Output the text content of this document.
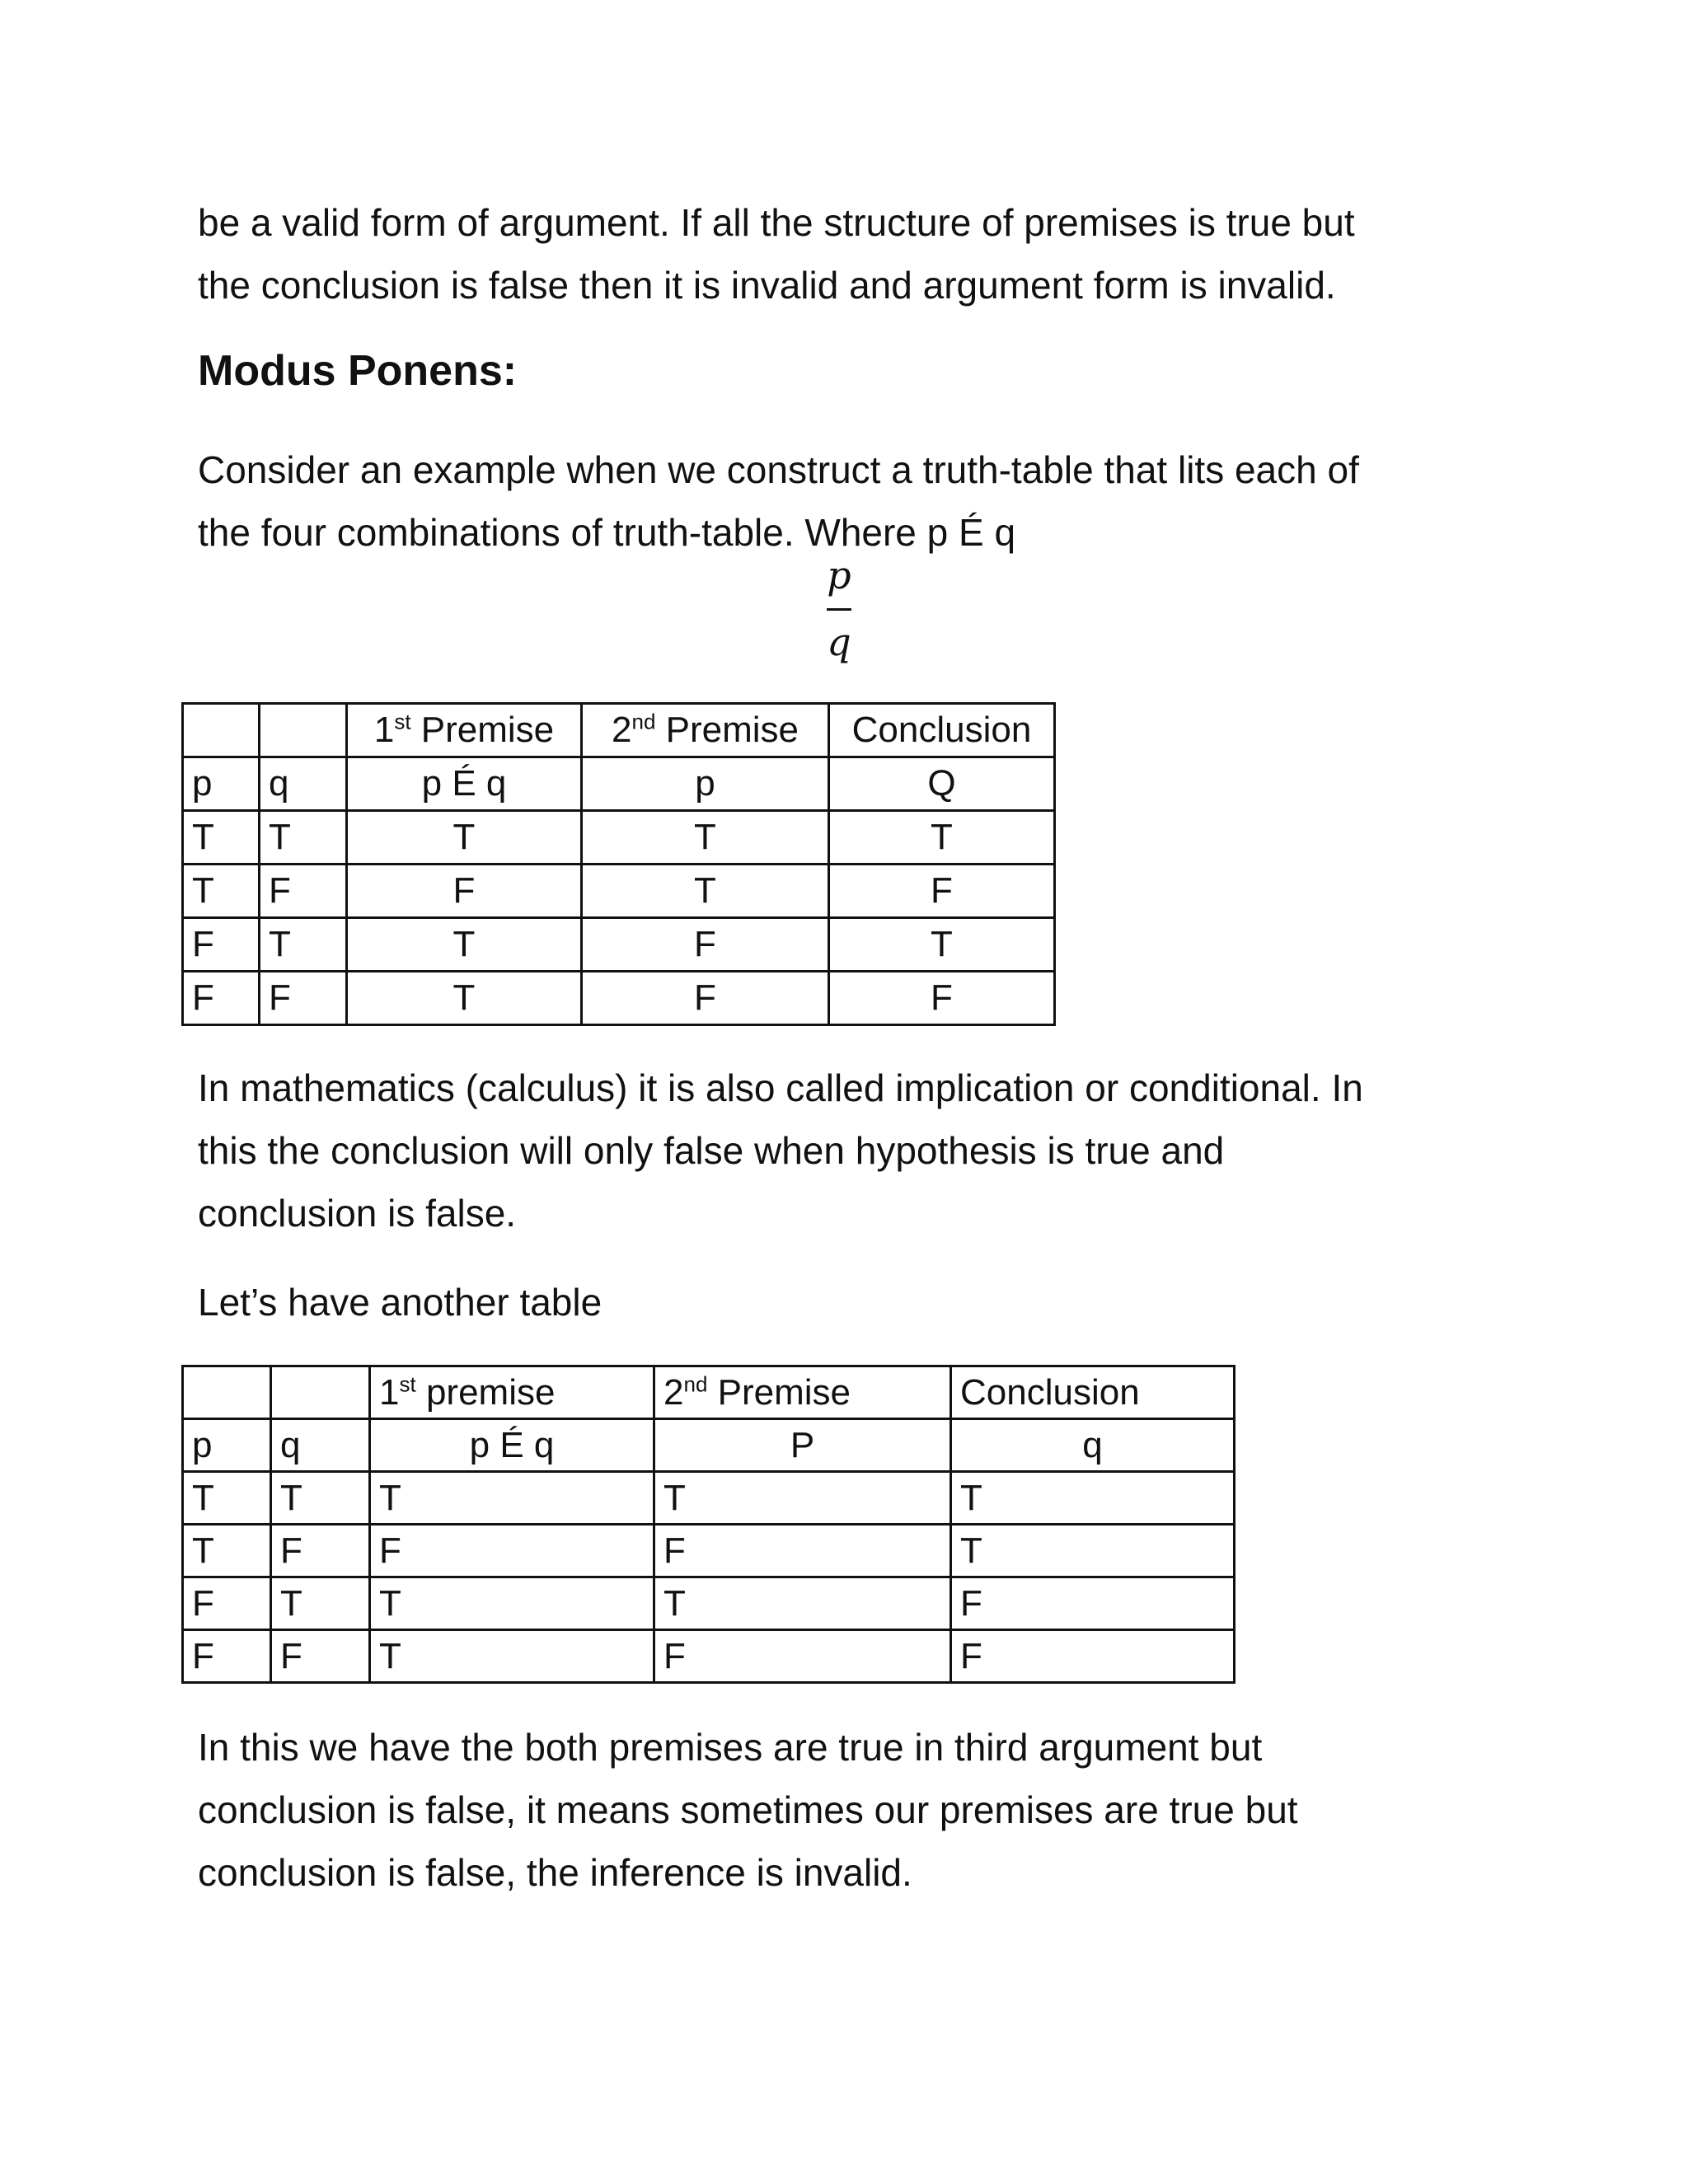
be a valid form of argument. If all the structure of premises is true but
the conclusion is false then it is invalid and argument form is invalid.

Modus Ponens:

Consider an example when we construct a truth-table that lits each of
the four combinations of truth-table. Where p É q

p
q
		1st Premise	2nd Premise	Conclusion
p	q	p É q	p	Q
T	T	T	T	T
T	F	F	T	F
F	T	T	F	T
F	F	T	F	F

In mathematics (calculus) it is also called implication or conditional. In
this the conclusion will only false when hypothesis is true and
conclusion is false.

Let’s have another table

		1st premise	2nd Premise	Conclusion
p	q	p É q	P	q
T	T	T	T	T
T	F	F	F	T
F	T	T	T	F
F	F	T	F	F

In this we have the both premises are true in third argument but
conclusion is false, it means sometimes our premises are true but
conclusion is false, the inference is invalid.
